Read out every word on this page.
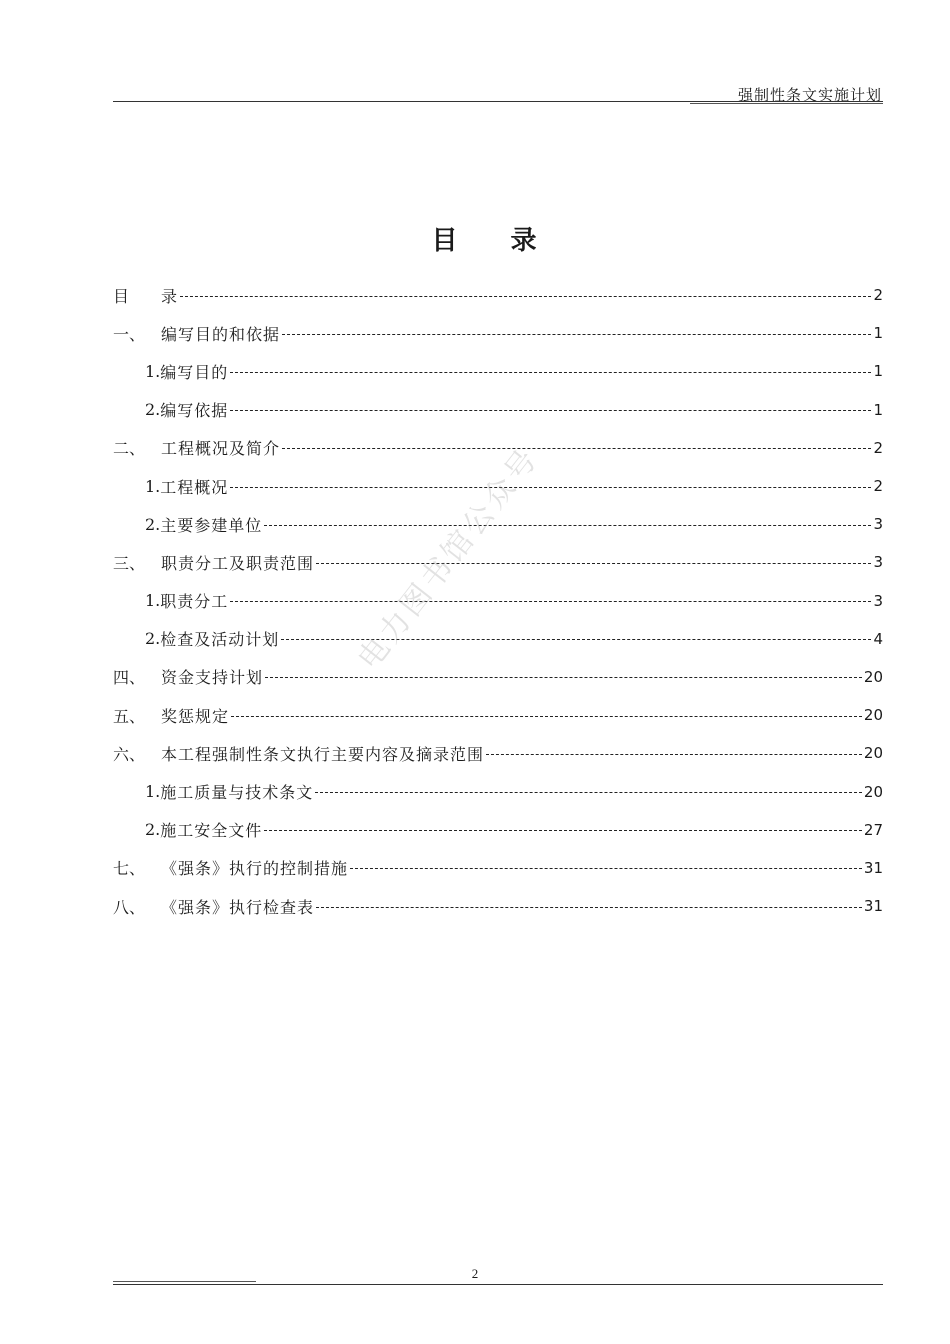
强制性条文实施计划
目 录
目	录	2
一、 编写目的和依据	1
1. 编写目的	1
2. 编写依据	1
二、 工程概况及简介	2
1. 工程概况	2
2. 主要参建单位	3
三、 职责分工及职责范围	3
1. 职责分工	3
2. 检查及活动计划	4
四、 资金支持计划	20
五、 奖惩规定	20
六、 本工程强制性条文执行主要内容及摘录范围	20
1. 施工质量与技术条文	20
2. 施工安全文件	27
七、 《强条》执行的控制措施	31
八、 《强条》执行检查表	31
电力图书馆公众号
2
